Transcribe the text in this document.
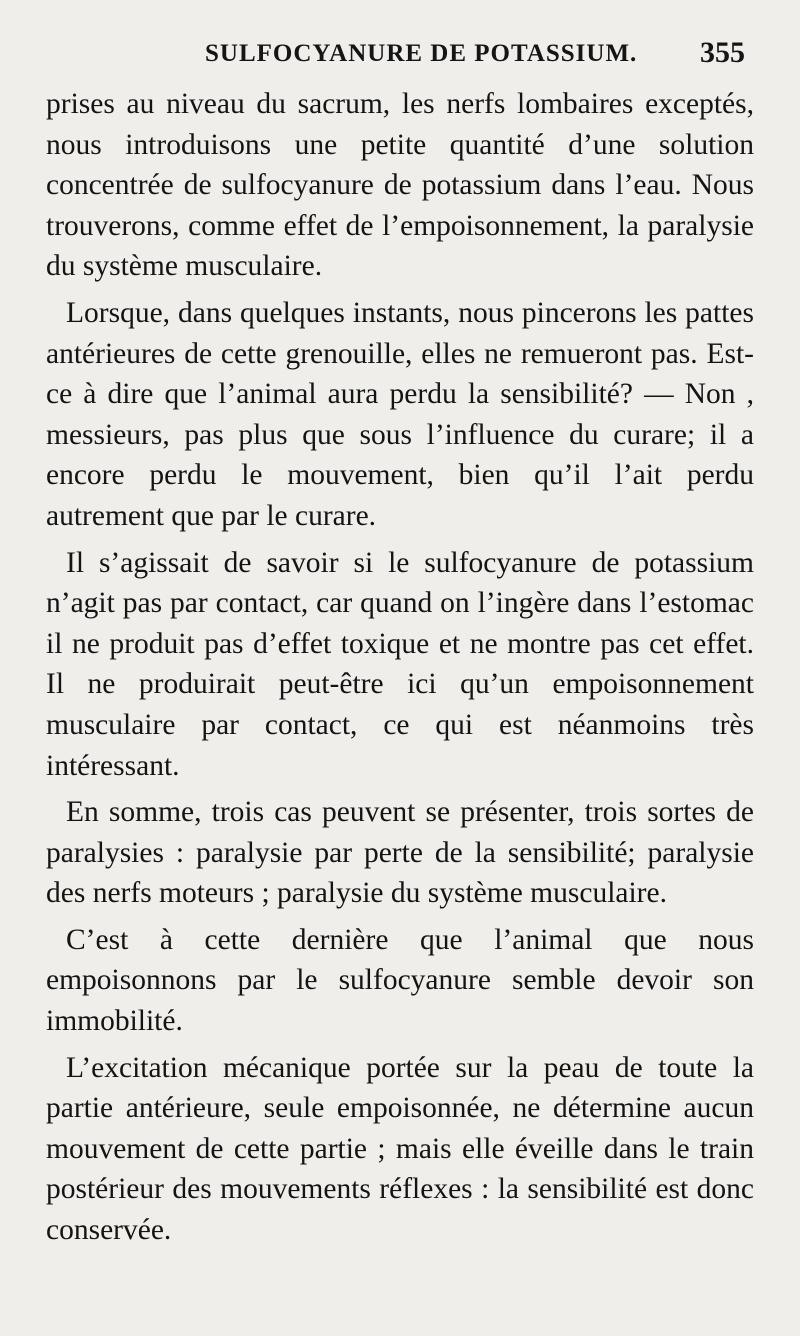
SULFOCYANURE DE POTASSIUM. 355

prises au niveau du sacrum, les nerfs lombaires exceptés, nous introduisons une petite quantité d’une solution concentrée de sulfocyanure de potassium dans l’eau. Nous trouverons, comme effet de l’empoisonnement, la paralysie du système musculaire.

Lorsque, dans quelques instants, nous pincerons les pattes antérieures de cette grenouille, elles ne remueront pas. Est-ce à dire que l’animal aura perdu la sensibilité? — Non , messieurs, pas plus que sous l’influence du curare; il a encore perdu le mouvement, bien qu’il l’ait perdu autrement que par le curare.

Il s’agissait de savoir si le sulfocyanure de potassium n’agit pas par contact, car quand on l’ingère dans l’estomac il ne produit pas d’effet toxique et ne montre pas cet effet. Il ne produirait peut-être ici qu’un empoisonnement musculaire par contact, ce qui est néanmoins très intéressant.

En somme, trois cas peuvent se présenter, trois sortes de paralysies : paralysie par perte de la sensibilité; paralysie des nerfs moteurs ; paralysie du système musculaire.

C’est à cette dernière que l’animal que nous empoisonnons par le sulfocyanure semble devoir son immobilité.

L’excitation mécanique portée sur la peau de toute la partie antérieure, seule empoisonnée, ne détermine aucun mouvement de cette partie ; mais elle éveille dans le train postérieur des mouvements réflexes : la sensibilité est donc conservée.
